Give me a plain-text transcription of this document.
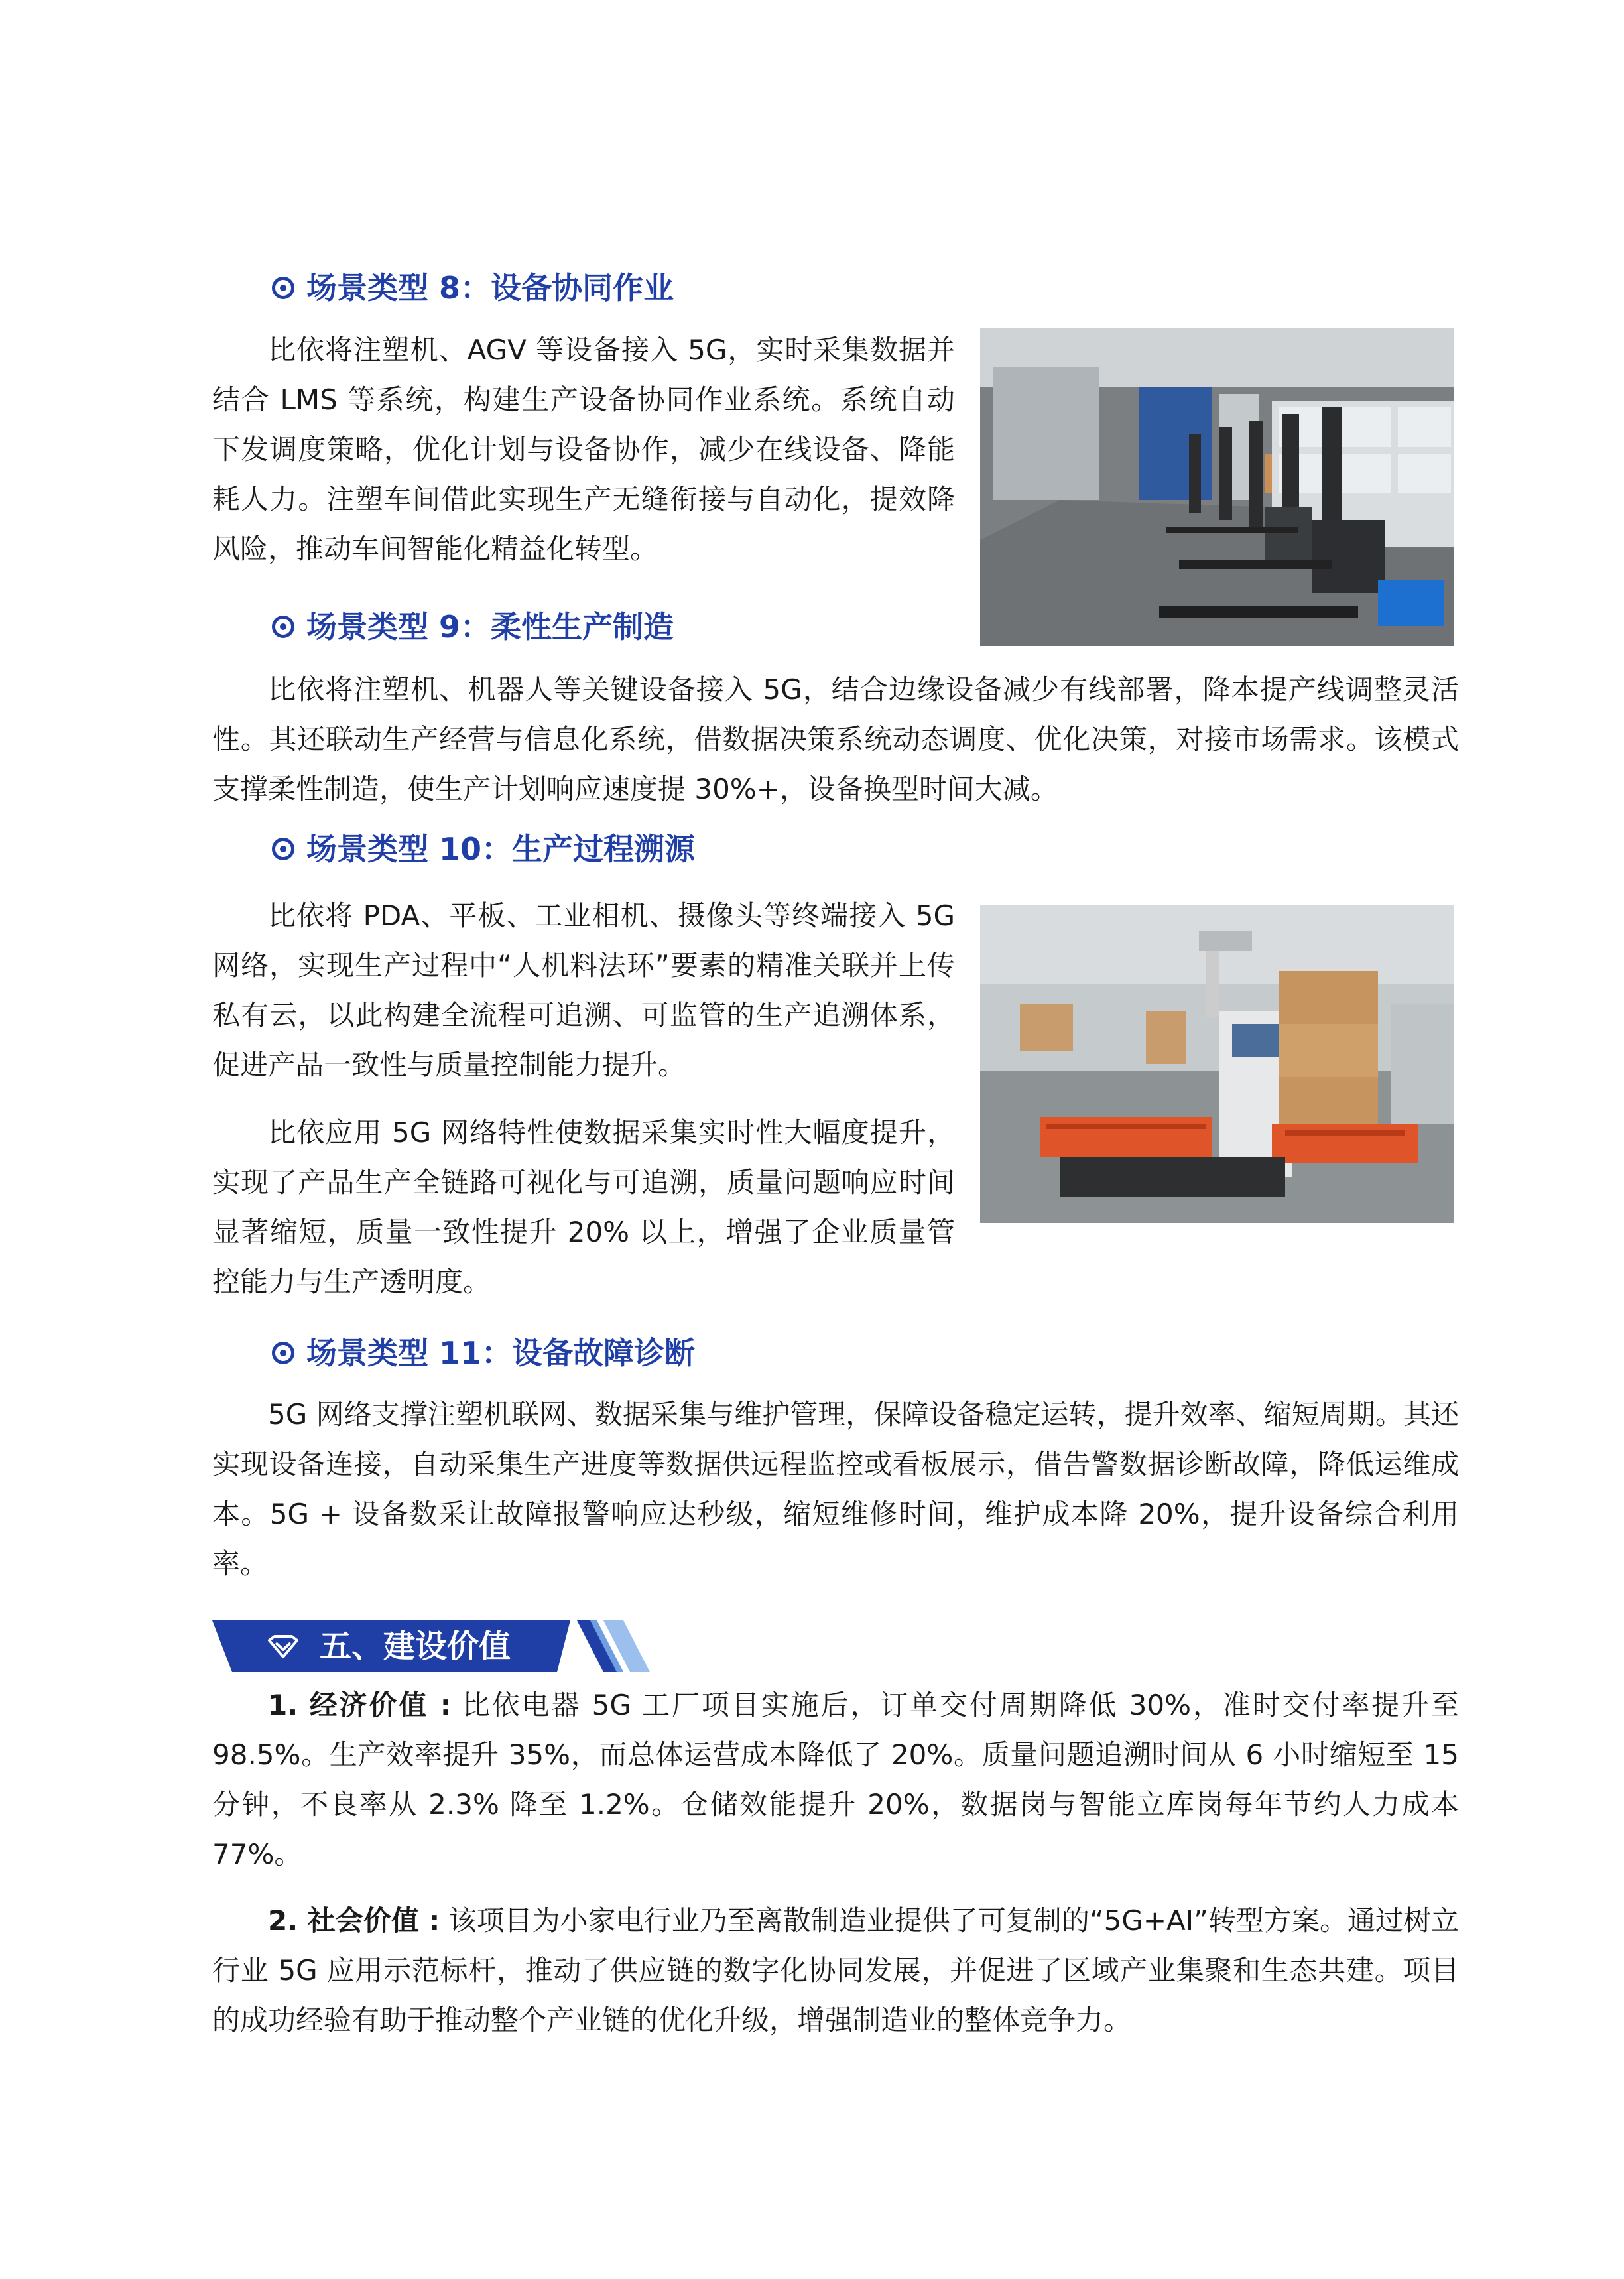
场景类型 8：设备协同作业

比依将注塑机、AGV 等设备接入 5G，实时采集数据并结合 LMS 等系统，构建生产设备协同作业系统。系统自动下发调度策略，优化计划与设备协作，减少在线设备、降能耗人力。注塑车间借此实现生产无缝衔接与自动化，提效降风险，推动车间智能化精益化转型。

场景类型 9：柔性生产制造

比依将注塑机、机器人等关键设备接入 5G，结合边缘设备减少有线部署，降本提产线调整灵活性。其还联动生产经营与信息化系统，借数据决策系统动态调度、优化决策，对接市场需求。该模式支撑柔性制造，使生产计划响应速度提 30%+，设备换型时间大减。

场景类型 10：生产过程溯源

比依将 PDA、平板、工业相机、摄像头等终端接入 5G 网络，实现生产过程中“人机料法环”要素的精准关联并上传私有云，以此构建全流程可追溯、可监管的生产追溯体系，促进产品一致性与质量控制能力提升。

比依应用 5G 网络特性使数据采集实时性大幅度提升，实现了产品生产全链路可视化与可追溯，质量问题响应时间显著缩短，质量一致性提升 20% 以上，增强了企业质量管控能力与生产透明度。

场景类型 11：设备故障诊断

5G 网络支撑注塑机联网、数据采集与维护管理，保障设备稳定运转，提升效率、缩短周期。其还实现设备连接，自动采集生产进度等数据供远程监控或看板展示，借告警数据诊断故障，降低运维成本。5G + 设备数采让故障报警响应达秒级，缩短维修时间，维护成本降 20%，提升设备综合利用率。

五、建设价值

1. 经济价值 : 比依电器 5G 工厂项目实施后，订单交付周期降低 30%，准时交付率提升至 98.5%。生产效率提升 35%，而总体运营成本降低了 20%。质量问题追溯时间从 6 小时缩短至 15 分钟，不良率从 2.3% 降至 1.2%。仓储效能提升 20%，数据岗与智能立库岗每年节约人力成本 77%。

2. 社会价值 : 该项目为小家电行业乃至离散制造业提供了可复制的“5G+AI”转型方案。通过树立行业 5G 应用示范标杆，推动了供应链的数字化协同发展，并促进了区域产业集聚和生态共建。项目的成功经验有助于推动整个产业链的优化升级，增强制造业的整体竞争力。
